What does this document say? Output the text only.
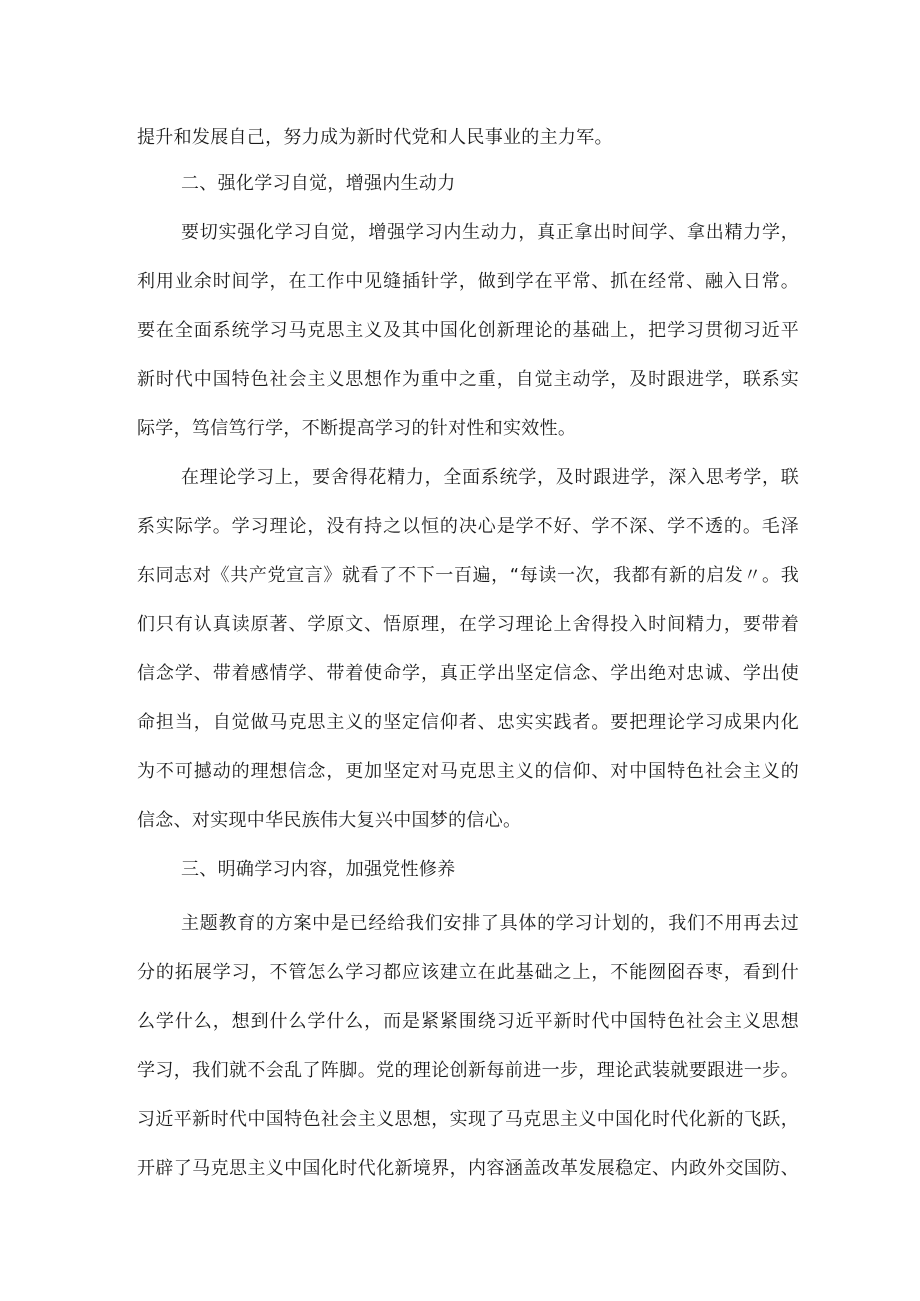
提升和发展自己，努力成为新时代党和人民事业的主力军。
二、强化学习自觉，增强内生动力
要切实强化学习自觉，增强学习内生动力，真正拿出时间学、拿出精力学，
利用业余时间学，在工作中见缝插针学，做到学在平常、抓在经常、融入日常。
要在全面系统学习马克思主义及其中国化创新理论的基础上，把学习贯彻习近平
新时代中国特色社会主义思想作为重中之重，自觉主动学，及时跟进学，联系实
际学，笃信笃行学，不断提高学习的针对性和实效性。
在理论学习上，要舍得花精力，全面系统学，及时跟进学，深入思考学，联
系实际学。学习理论，没有持之以恒的决心是学不好、学不深、学不透的。毛泽
东同志对《共产党宣言》就看了不下一百遍，“每读一次，我都有新的启发〃。我
们只有认真读原著、学原文、悟原理，在学习理论上舍得投入时间精力，要带着
信念学、带着感情学、带着使命学，真正学出坚定信念、学出绝对忠诚、学出使
命担当，自觉做马克思主义的坚定信仰者、忠实实践者。要把理论学习成果内化
为不可撼动的理想信念，更加坚定对马克思主义的信仰、对中国特色社会主义的
信念、对实现中华民族伟大复兴中国梦的信心。
三、明确学习内容，加强党性修养
主题教育的方案中是已经给我们安排了具体的学习计划的，我们不用再去过
分的拓展学习，不管怎么学习都应该建立在此基础之上，不能囫囵吞枣，看到什
么学什么，想到什么学什么，而是紧紧围绕习近平新时代中国特色社会主义思想
学习，我们就不会乱了阵脚。党的理论创新每前进一步，理论武装就要跟进一步。
习近平新时代中国特色社会主义思想，实现了马克思主义中国化时代化新的飞跃，
开辟了马克思主义中国化时代化新境界，内容涵盖改革发展稳定、内政外交国防、
